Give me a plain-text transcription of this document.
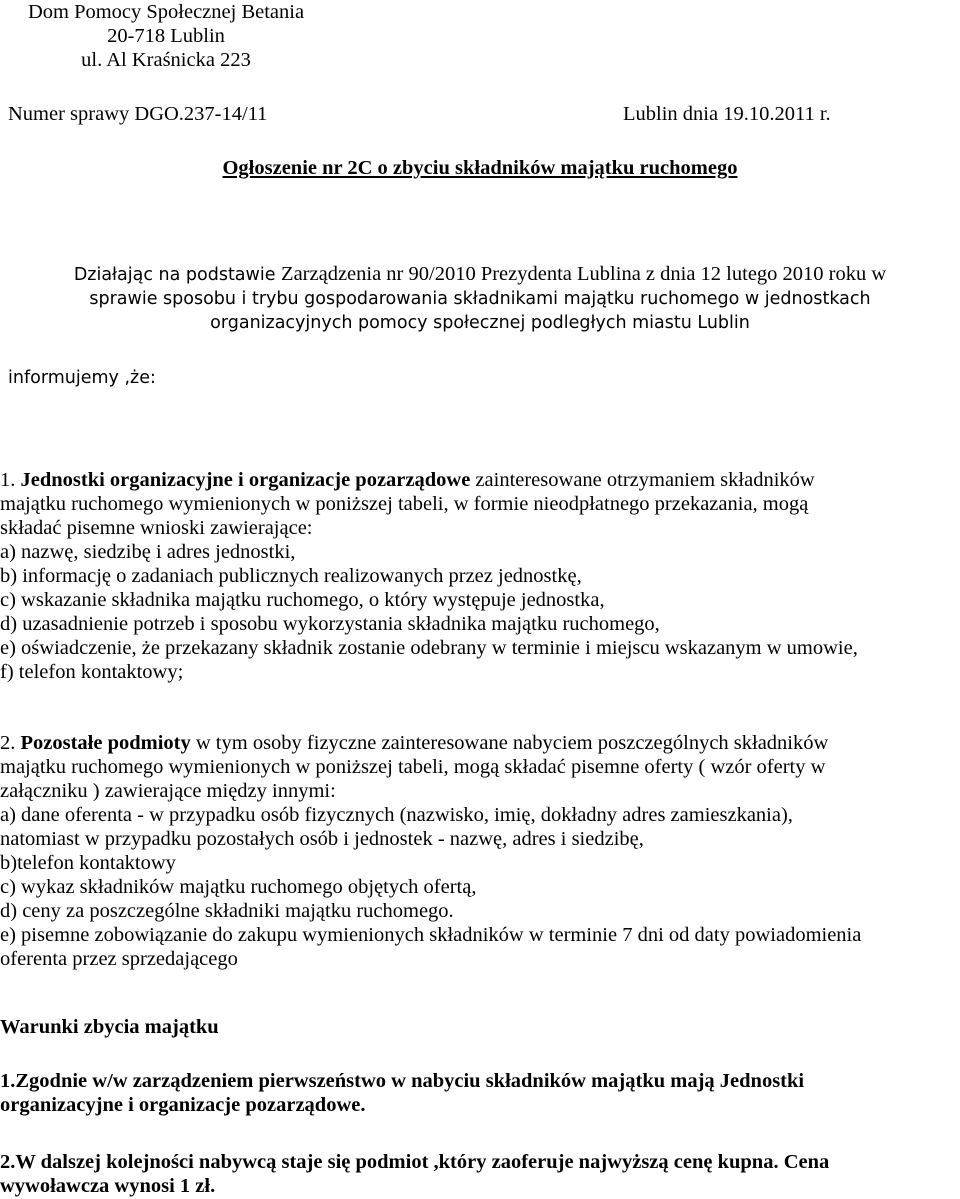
Dom Pomocy Społecznej Betania
20-718 Lublin
ul. Al Kraśnicka 223
Numer sprawy DGO.237-14/11	Lublin dnia 19.10.2011 r.
Ogłoszenie nr 2C o zbyciu składników majątku ruchomego
Działając na podstawie Zarządzenia nr 90/2010 Prezydenta Lublina z dnia 12 lutego 2010 roku w
sprawie sposobu i trybu gospodarowania składnikami majątku ruchomego w jednostkach
organizacyjnych pomocy społecznej podległych miastu Lublin
informujemy ,że:
1. Jednostki organizacyjne i organizacje pozarządowe zainteresowane otrzymaniem składników
majątku ruchomego wymienionych w poniższej tabeli, w formie nieodpłatnego przekazania, mogą
składać pisemne wnioski zawierające:
a) nazwę, siedzibę i adres jednostki,
b) informację o zadaniach publicznych realizowanych przez jednostkę,
c) wskazanie składnika majątku ruchomego, o który występuje jednostka,
d) uzasadnienie potrzeb i sposobu wykorzystania składnika majątku ruchomego,
e) oświadczenie, że przekazany składnik zostanie odebrany w terminie i miejscu wskazanym w umowie,
f) telefon kontaktowy;
2. Pozostałe podmioty w tym osoby fizyczne zainteresowane nabyciem poszczególnych składników
majątku ruchomego wymienionych w poniższej tabeli, mogą składać pisemne oferty ( wzór oferty w
załączniku ) zawierające między innymi:
a) dane oferenta - w przypadku osób fizycznych (nazwisko, imię, dokładny adres zamieszkania),
natomiast w przypadku pozostałych osób i jednostek - nazwę, adres i siedzibę,
b)telefon kontaktowy
c) wykaz składników majątku ruchomego objętych ofertą,
d) ceny za poszczególne składniki majątku ruchomego.
e) pisemne zobowiązanie do zakupu wymienionych składników w terminie 7 dni od daty powiadomienia
oferenta przez sprzedającego
Warunki zbycia majątku
1.Zgodnie w/w zarządzeniem pierwszeństwo w nabyciu składników majątku mają Jednostki
organizacyjne i organizacje pozarządowe.
2.W dalszej kolejności nabywcą staje się podmiot ,który zaoferuje najwyższą cenę kupna. Cena
wywoławcza wynosi 1 zł.
